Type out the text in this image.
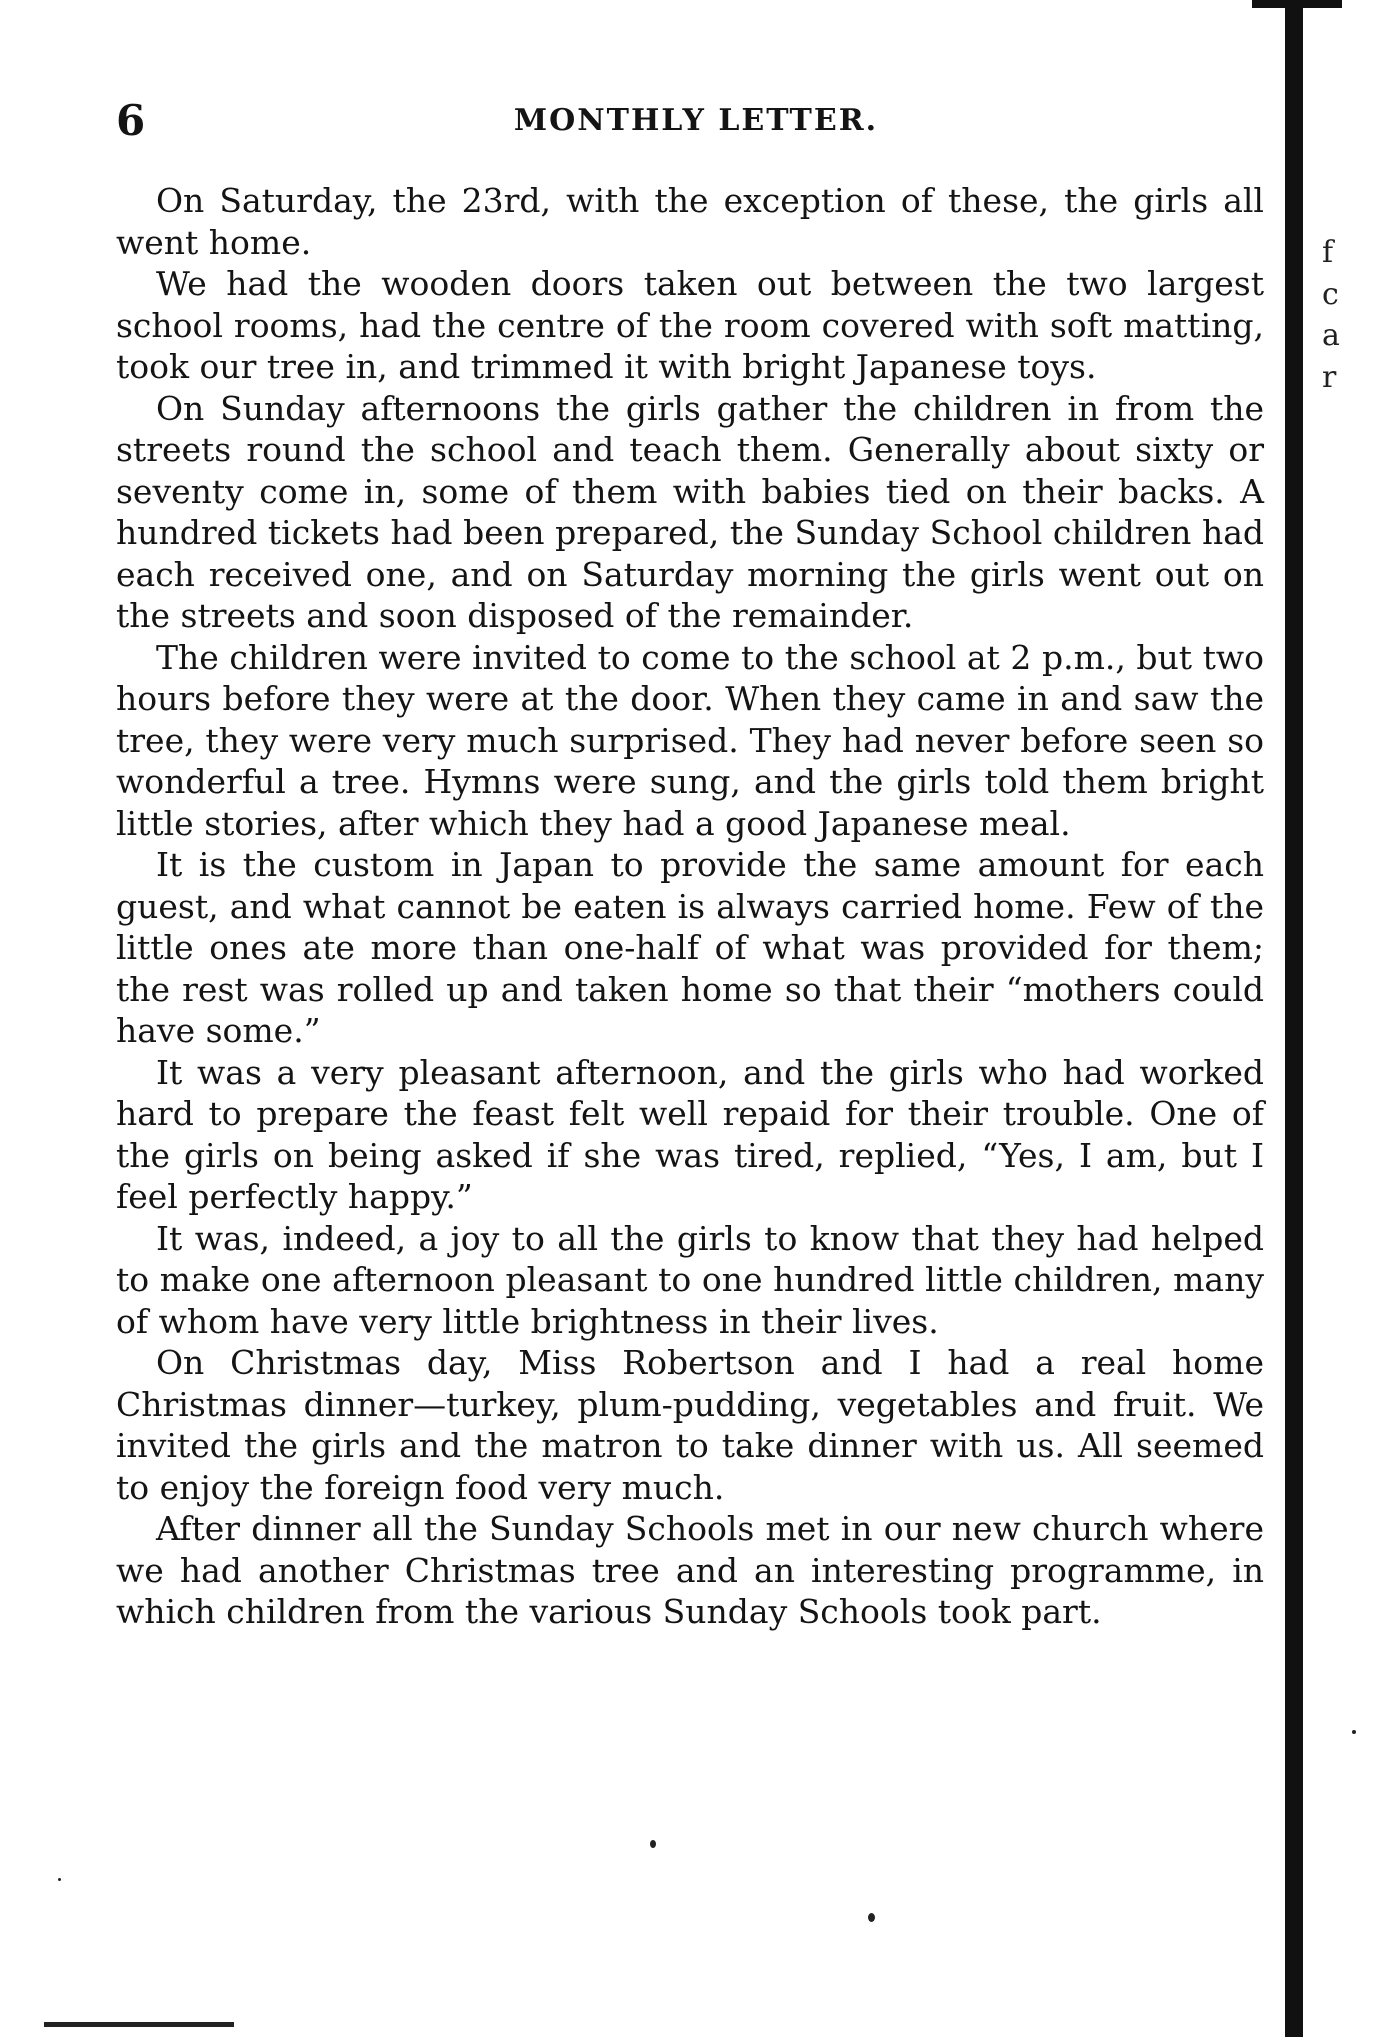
6	MONTHLY LETTER.

On Saturday, the 23rd, with the exception of these, the girls all went home.

We had the wooden doors taken out between the two largest school rooms, had the centre of the room covered with soft matting, took our tree in, and trimmed it with bright Japanese toys.

On Sunday afternoons the girls gather the children in from the streets round the school and teach them. Generally about sixty or seventy come in, some of them with babies tied on their backs. A hundred tickets had been prepared, the Sunday School children had each received one, and on Saturday morning the girls went out on the streets and soon disposed of the remainder.

The children were invited to come to the school at 2 p.m., but two hours before they were at the door. When they came in and saw the tree, they were very much surprised. They had never before seen so wonderful a tree. Hymns were sung, and the girls told them bright little stories, after which they had a good Japanese meal.

It is the custom in Japan to provide the same amount for each guest, and what cannot be eaten is always carried home. Few of the little ones ate more than one-half of what was provided for them; the rest was rolled up and taken home so that their “mothers could have some.”

It was a very pleasant afternoon, and the girls who had worked hard to prepare the feast felt well repaid for their trouble. One of the girls on being asked if she was tired, replied, “Yes, I am, but I feel perfectly happy.”

It was, indeed, a joy to all the girls to know that they had helped to make one afternoon pleasant to one hundred little children, many of whom have very little brightness in their lives.

On Christmas day, Miss Robertson and I had a real home Christmas dinner—turkey, plum-pudding, vegetables and fruit. We invited the girls and the matron to take dinner with us. All seemed to enjoy the foreign food very much.

After dinner all the Sunday Schools met in our new church where we had another Christmas tree and an interesting programme, in which children from the various Sunday Schools took part.

f
c
a
r
